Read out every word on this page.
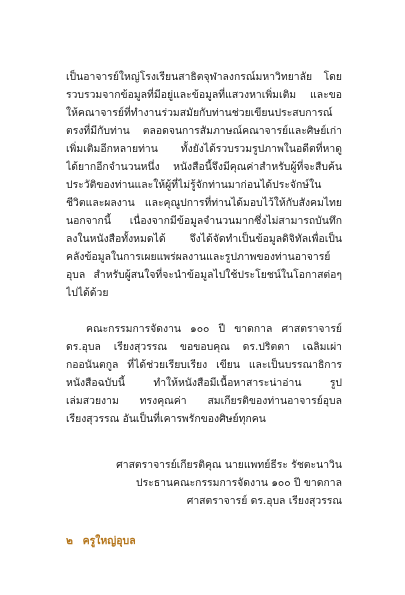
เป็นอาจารย์ใหญ่โรงเรียนสาธิตจุฬาลงกรณ์มหาวิทยาลัย โดย
รวบรวมจากข้อมูลที่มีอยู่และข้อมูลที่แสวงหาเพิ่มเติม และขอ
ให้คณาจารย์ที่ทำงานร่วมสมัยกับท่านช่วยเขียนประสบการณ์
ตรงที่มีกับท่าน ตลอดจนการสัมภาษณ์คณาจารย์และศิษย์เก่า
เพิ่มเติมอีกหลายท่าน ทั้งยังได้รวบรวมรูปภาพในอดีตที่หาดู
ได้ยากอีกจำนวนหนึ่ง หนังสือนี้จึงมีคุณค่าสำหรับผู้ที่จะสืบค้น
ประวัติของท่านและให้ผู้ที่ไม่รู้จักท่านมาก่อนได้ประจักษ์ใน
ชีวิตและผลงาน และคุณูปการที่ท่านได้มอบไว้ให้กับสังคมไทย
นอกจากนี้ เนื่องจากมีข้อมูลจำนวนมากซึ่งไม่สามารถบันทึก
ลงในหนังสือทั้งหมดได้ จึงได้จัดทำเป็นข้อมูลดิจิทัลเพื่อเป็น
คลังข้อมูลในการเผยแพร่ผลงานและรูปภาพของท่านอาจารย์
อุบล สำหรับผู้สนใจที่จะนำข้อมูลไปใช้ประโยชน์ในโอกาสต่อๆ
ไปได้ด้วย
คณะกรรมการจัดงาน ๑๐๐ ปี ขาดกาล ศาสตราจารย์
ดร.อุบล เรียงสุวรรณ ขอขอบคุณ ดร.ปริตตา เฉลิมเผ่า
กออนันตกูล ที่ได้ช่วยเรียบเรียง เขียน และเป็นบรรณาธิการ
หนังสือฉบับนี้ ทำให้หนังสือมีเนื้อหาสาระน่าอ่าน รูป
เล่มสวยงาม ทรงคุณค่า สมเกียรติของท่านอาจารย์อุบล
เรียงสุวรรณ อันเป็นที่เคารพรักของศิษย์ทุกคน
ศาสตราจารย์เกียรติคุณ นายแพทย์ธีระ รัชตะนาวิน
ประธานคณะกรรมการจัดงาน ๑๐๐ ปี ขาดกาล
ศาสตราจารย์ ดร.อุบล เรียงสุวรรณ
๒ ครูใหญ่อุบล
